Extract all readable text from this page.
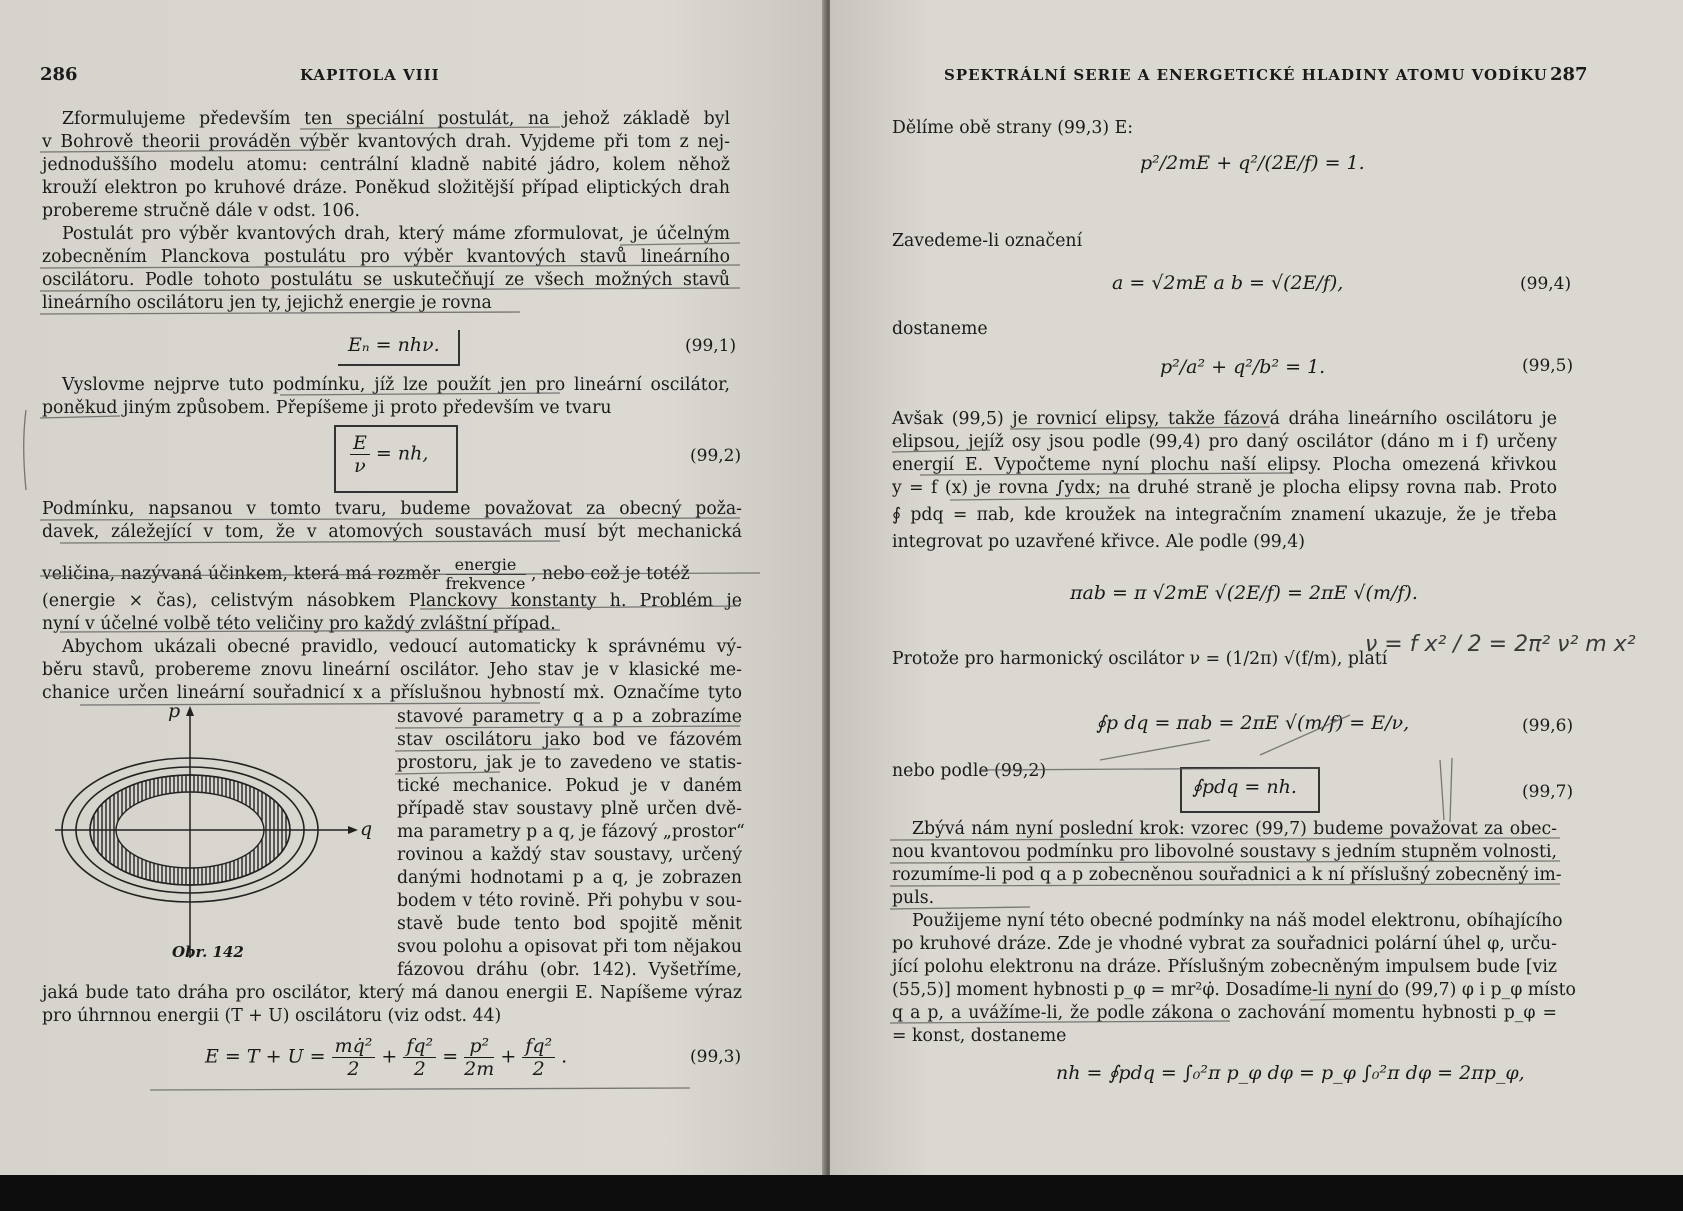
286	KAPITOLA VIII
Zformulujeme především ten speciální postulát, na jehož základě byl
v Bohrově theorii prováděn výběr kvantových drah. Vyjdeme při tom z nej-
jednoduššího modelu atomu: centrální kladně nabité jádro, kolem něhož
krouží elektron po kruhové dráze. Poněkud složitější případ eliptických drah
probereme stručně dále v odst. 106.
Postulát pro výběr kvantových drah, který máme zformulovat, je účelným
zobecněním Planckova postulátu pro výběr kvantových stavů lineárního
oscilátoru. Podle tohoto postulátu se uskutečňují ze všech možných stavů
lineárního oscilátoru jen ty, jejichž energie je rovna
Eₙ = nhν.	(99,1)
Vyslovme nejprve tuto podmínku, jíž lze použít jen pro lineární oscilátor,
poněkud jiným způsobem. Přepíšeme ji proto především ve tvaru
$\frac{E}{\nu}$ = nh,	(99,2)
Podmínku, napsanou v tomto tvaru, budeme považovat za obecný poža-
davek, záležející v tom, že v atomových soustavách musí být mechanická
veličina, nazývaná účinkem, která má rozměr $\frac{\text{energie}}{\text{frekvence}}$ , nebo což je totéž
(energie × čas), celistvým násobkem Planckovy konstanty h. Problém je
nyní v účelné volbě této veličiny pro každý zvláštní případ.
Abychom ukázali obecné pravidlo, vedoucí automaticky k správnému vý-
běru stavů, probereme znovu lineární oscilátor. Jeho stav je v klasické me-
chanice určen lineární souřadnicí x a příslušnou hybností mẋ. Označíme tyto
stavové parametry q a p a zobrazíme
stav oscilátoru jako bod ve fázovém
prostoru, jak je to zavedeno ve statis-
tické mechanice. Pokud je v daném
případě stav soustavy plně určen dvě-
ma parametry p a q, je fázový „prostor“
rovinou a každý stav soustavy, určený
danými hodnotami p a q, je zobrazen
bodem v této rovině. Při pohybu v sou-
stavě bude tento bod spojitě měnit
svou polohu a opisovat při tom nějakou
fázovou dráhu (obr. 142). Vyšetříme,
p
q
Obr. 142
jaká bude tato dráha pro oscilátor, který má danou energii E. Napíšeme výraz
pro úhrnnou energii (T + U) oscilátoru (viz odst. 44)
$E = T + U = \frac{\text{mq̇²}}{2} + \frac{\text{fq²}}{2} = \frac{\text{p²}}{2m} + \frac{\text{fq²}}{2}$ .	(99,3)
SPEKTRÁLNÍ SERIE A ENERGETICKÉ HLADINY ATOMU VODÍKU 287
Dělíme obě strany (99,3) E:
p²/2mE + q²/(2E/f) = 1.
Zavedeme-li označení
a = √2mE a b = √(2E/f),	(99,4)
dostaneme
p²/a² + q²/b² = 1.	(99,5)
Avšak (99,5) je rovnicí elipsy, takže fázová dráha lineárního oscilátoru je
elipsou, jejíž osy jsou podle (99,4) pro daný oscilátor (dáno m i f) určeny
energií E. Vypočteme nyní plochu naší elipsy. Plocha omezená křivkou
y = f (x) je rovna ∫ydx; na druhé straně je plocha elipsy rovna πab. Proto
∮ pdq = πab, kde kroužek na integračním znamení ukazuje, že je třeba
integrovat po uzavřené křivce. Ale podle (99,4)
πab = π √2mE √(2E/f) = 2πE √(m/f).
Protože pro harmonický oscilátor ν = (1/2π) √(f/m), platí
ν = f x² / 2 = 2π² ν² m x²
∮p dq = πab = 2πE √(m/f) = E/ν,	(99,6)
nebo podle (99,2)
∮pdq = nh.	(99,7)
Zbývá nám nyní poslední krok: vzorec (99,7) budeme považovat za obec-
nou kvantovou podmínku pro libovolné soustavy s jedním stupněm volnosti,
rozumíme-li pod q a p zobecněnou souřadnici a k ní příslušný zobecněný im-
puls.
Použijeme nyní této obecné podmínky na náš model elektronu, obíhajícího
po kruhové dráze. Zde je vhodné vybrat za souřadnici polární úhel φ, urču-
jící polohu elektronu na dráze. Příslušným zobecněným impulsem bude [viz
(55,5)] moment hybnosti p_φ = mr²φ̇. Dosadíme-li nyní do (99,7) φ i p_φ místo
q a p, a uvážíme-li, že podle zákona o zachování momentu hybnosti p_φ =
= konst, dostaneme
nh = ∮pdq = ∫₀²π p_φ dφ = p_φ ∫₀²π dφ = 2πp_φ,
